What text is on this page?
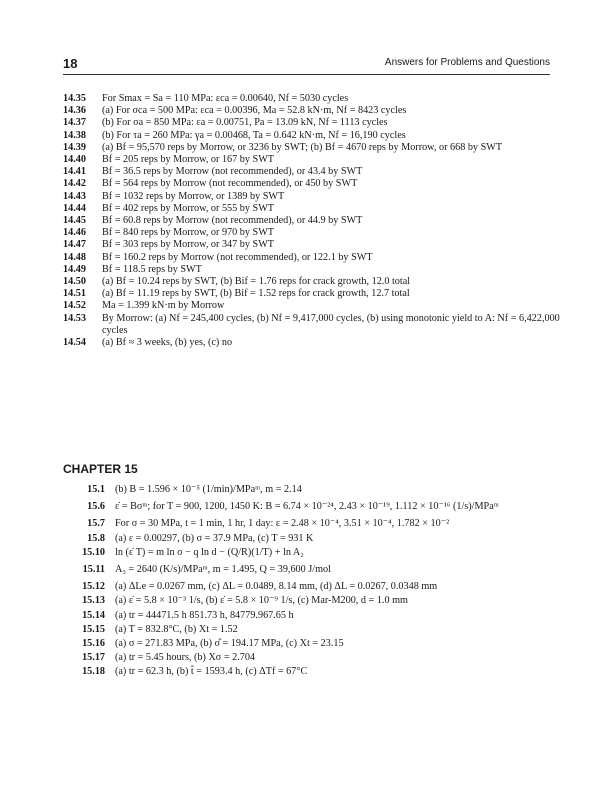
18	Answers for Problems and Questions
14.35	For Smax = Sa = 110 MPa: εca = 0.00640, Nf = 5030 cycles
14.36	(a) For σca = 500 MPa: εca = 0.00396, Ma = 52.8 kN·m, Nf = 8423 cycles
14.37	(b) For σa = 850 MPa: εa = 0.00751, Pa = 13.09 kN, Nf = 1113 cycles
14.38	(b) For τa = 260 MPa: γa = 0.00468, Ta = 0.642 kN·m, Nf = 16,190 cycles
14.39	(a) Bf = 95,570 reps by Morrow, or 3236 by SWT; (b) Bf = 4670 reps by Morrow, or 668 by SWT
14.40	Bf = 205 reps by Morrow, or 167 by SWT
14.41	Bf = 36.5 reps by Morrow (not recommended), or 43.4 by SWT
14.42	Bf = 564 reps by Morrow (not recommended), or 450 by SWT
14.43	Bf = 1032 reps by Morrow, or 1389 by SWT
14.44	Bf = 402 reps by Morrow, or 555 by SWT
14.45	Bf = 60.8 reps by Morrow (not recommended), or 44.9 by SWT
14.46	Bf = 840 reps by Morrow, or 970 by SWT
14.47	Bf = 303 reps by Morrow, or 347 by SWT
14.48	Bf = 160.2 reps by Morrow (not recommended), or 122.1 by SWT
14.49	Bf = 118.5 reps by SWT
14.50	(a) Bf = 10.24 reps by SWT, (b) Bif = 1.76 reps for crack growth, 12.0 total
14.51	(a) Bf = 11.19 reps by SWT, (b) Bif = 1.52 reps for crack growth, 12.7 total
14.52	Ma = 1.399 kN·m by Morrow
14.53	By Morrow: (a) Nf = 245,400 cycles, (b) Nf = 9,417,000 cycles, (b) using monotonic yield to A: Nf = 6,422,000 cycles
14.54	(a) Bf ≈ 3 weeks, (b) yes, (c) no
CHAPTER 15
15.1 (b) B = 1.596 × 10⁻⁵ (1/min)/MPaᵐ, m = 2.14
15.6 ε̇ = Bσᵐ; for T = 900, 1200, 1450 K: B = 6.74 × 10⁻²⁴, 2.43 × 10⁻¹⁹, 1.112 × 10⁻¹⁶ (1/s)/MPaᵐ
15.7 For σ = 30 MPa, t = 1 min, 1 hr, 1 day: ε = 2.48 × 10⁻⁴, 3.51 × 10⁻⁴, 1.782 × 10⁻²
15.8 (a) ε = 0.00297, (b) σ = 37.9 MPa, (c) T = 931 K
15.10 ln (ε̇ T) = m ln σ − q ln d − (Q/R)(1/T) + ln A₂
15.11 A₃ = 2640 (K/s)/MPaᵐ, m = 1.495, Q = 39,600 J/mol
15.12 (a) ΔLe = 0.0267 mm, (c) ΔL = 0.0489, 8.14 mm, (d) ΔL = 0.0267, 0.0348 mm
15.13 (a) ε̇ = 5.8 × 10⁻³ 1/s, (b) ε̇ = 5.8 × 10⁻⁹ 1/s, (c) Mar-M200, d = 1.0 mm
15.14 (a) tr = 44471.5 h 851.73 h, 84779.967.65 h
15.15 (a) T = 832.8°C, (b) Xt = 1.52
15.16 (a) σ = 271.83 MPa, (b) σ̂ = 194.17 MPa, (c) Xt = 23.15
15.17 (a) tr = 5.45 hours, (b) Xσ = 2.704
15.18 (a) tr = 62.3 h, (b) t̂ = 1593.4 h, (c) ΔTf = 67°C
